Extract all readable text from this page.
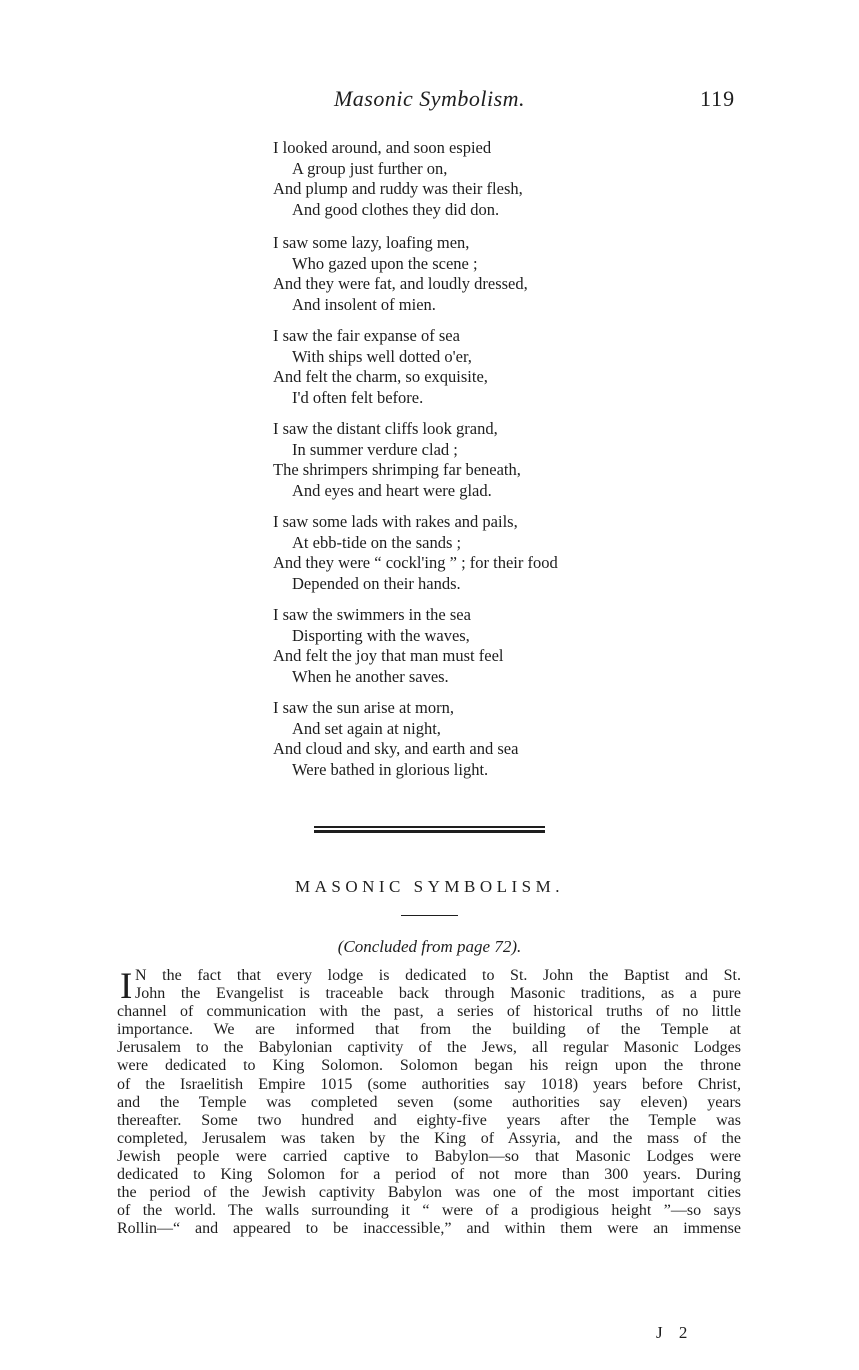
Masonic Symbolism.	119
I looked around, and soon espied
A group just further on,
And plump and ruddy was their flesh,
And good clothes they did don.
I saw some lazy, loafing men,
Who gazed upon the scene ;
And they were fat, and loudly dressed,
And insolent of mien.
I saw the fair expanse of sea
With ships well dotted o'er,
And felt the charm, so exquisite,
I'd often felt before.
I saw the distant cliffs look grand,
In summer verdure clad ;
The shrimpers shrimping far beneath,
And eyes and heart were glad.
I saw some lads with rakes and pails,
At ebb-tide on the sands ;
And they were “ cockl'ing ” ; for their food
Depended on their hands.
I saw the swimmers in the sea
Disporting with the waves,
And felt the joy that man must feel
When he another saves.
I saw the sun arise at morn,
And set again at night,
And cloud and sky, and earth and sea
Were bathed in glorious light.
MASONIC SYMBOLISM.
(Concluded from page 72).
I N the fact that every lodge is dedicated to St. John the Baptist and St.
John the Evangelist is traceable back through Masonic traditions, as a pure
channel of communication with the past, a series of historical truths of no little
importance. We are informed that from the building of the Temple at
Jerusalem to the Babylonian captivity of the Jews, all regular Masonic Lodges
were dedicated to King Solomon. Solomon began his reign upon the throne
of the Israelitish Empire 1015 (some authorities say 1018) years before Christ,
and the Temple was completed seven (some authorities say eleven) years
thereafter. Some two hundred and eighty-five years after the Temple was
completed, Jerusalem was taken by the King of Assyria, and the mass of the
Jewish people were carried captive to Babylon—so that Masonic Lodges were
dedicated to King Solomon for a period of not more than 300 years. During
the period of the Jewish captivity Babylon was one of the most important cities
of the world. The walls surrounding it “ were of a prodigious height ”—so says
Rollin—“ and appeared to be inaccessible,” and within them were an immense
J 2
